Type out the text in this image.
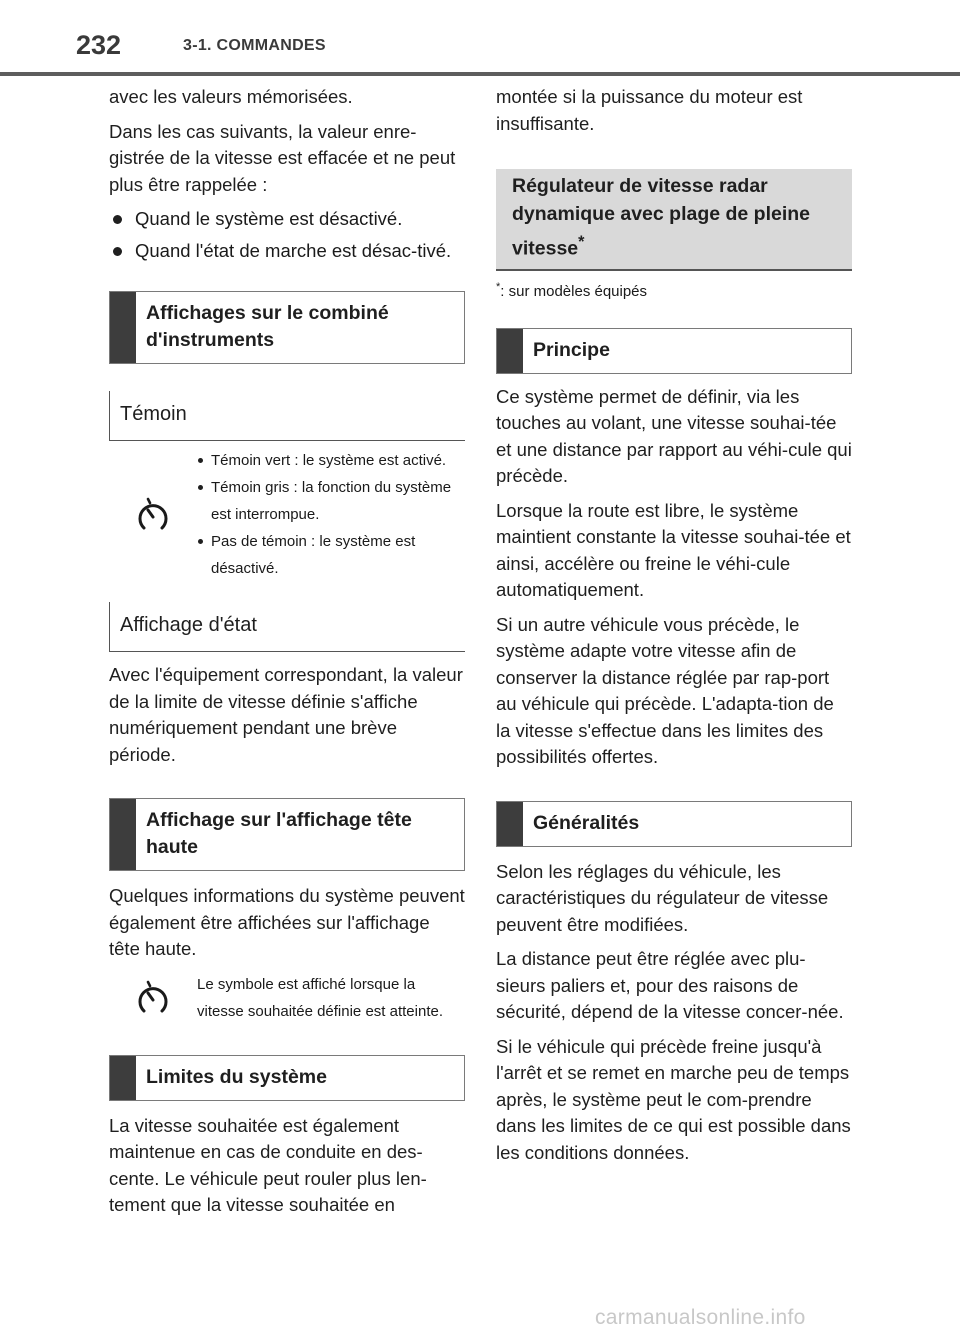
232	3-1. COMMANDES

avec les valeurs mémorisées.

Dans les cas suivants, la valeur enre-gistrée de la vitesse est effacée et ne peut plus être rappelée :

Quand le système est désactivé.
Quand l'état de marche est désac-tivé.
Affichages sur le combiné d'instruments
Témoin
Témoin vert : le système est activé.
Témoin gris : la fonction du système est interrompue.
Pas de témoin : le système est désactivé.
Affichage d'état

Avec l'équipement correspondant, la valeur de la limite de vitesse définie s'affiche numériquement pendant une brève période.

Affichage sur l'affichage tête haute

Quelques informations du système peuvent également être affichées sur l'affichage tête haute.

Le symbole est affiché lorsque la vitesse souhaitée définie est atteinte.
Limites du système

La vitesse souhaitée est également maintenue en cas de conduite en des-cente. Le véhicule peut rouler plus len-tement que la vitesse souhaitée en

montée si la puissance du moteur est insuffisante.

Régulateur de vitesse radar dynamique avec plage de pleine vitesse*
*: sur modèles équipés
Principe

Ce système permet de définir, via les touches au volant, une vitesse souhai-tée et une distance par rapport au véhi-cule qui précède.

Lorsque la route est libre, le système maintient constante la vitesse souhai-tée et ainsi, accélère ou freine le véhi-cule automatiquement.

Si un autre véhicule vous précède, le système adapte votre vitesse afin de conserver la distance réglée par rap-port au véhicule qui précède. L'adapta-tion de la vitesse s'effectue dans les limites des possibilités offertes.

Généralités

Selon les réglages du véhicule, les caractéristiques du régulateur de vitesse peuvent être modifiées.

La distance peut être réglée avec plu-sieurs paliers et, pour des raisons de sécurité, dépend de la vitesse concer-née.

Si le véhicule qui précède freine jusqu'à l'arrêt et se remet en marche peu de temps après, le système peut le com-prendre dans les limites de ce qui est possible dans les conditions données.

carmanualsonline.info
